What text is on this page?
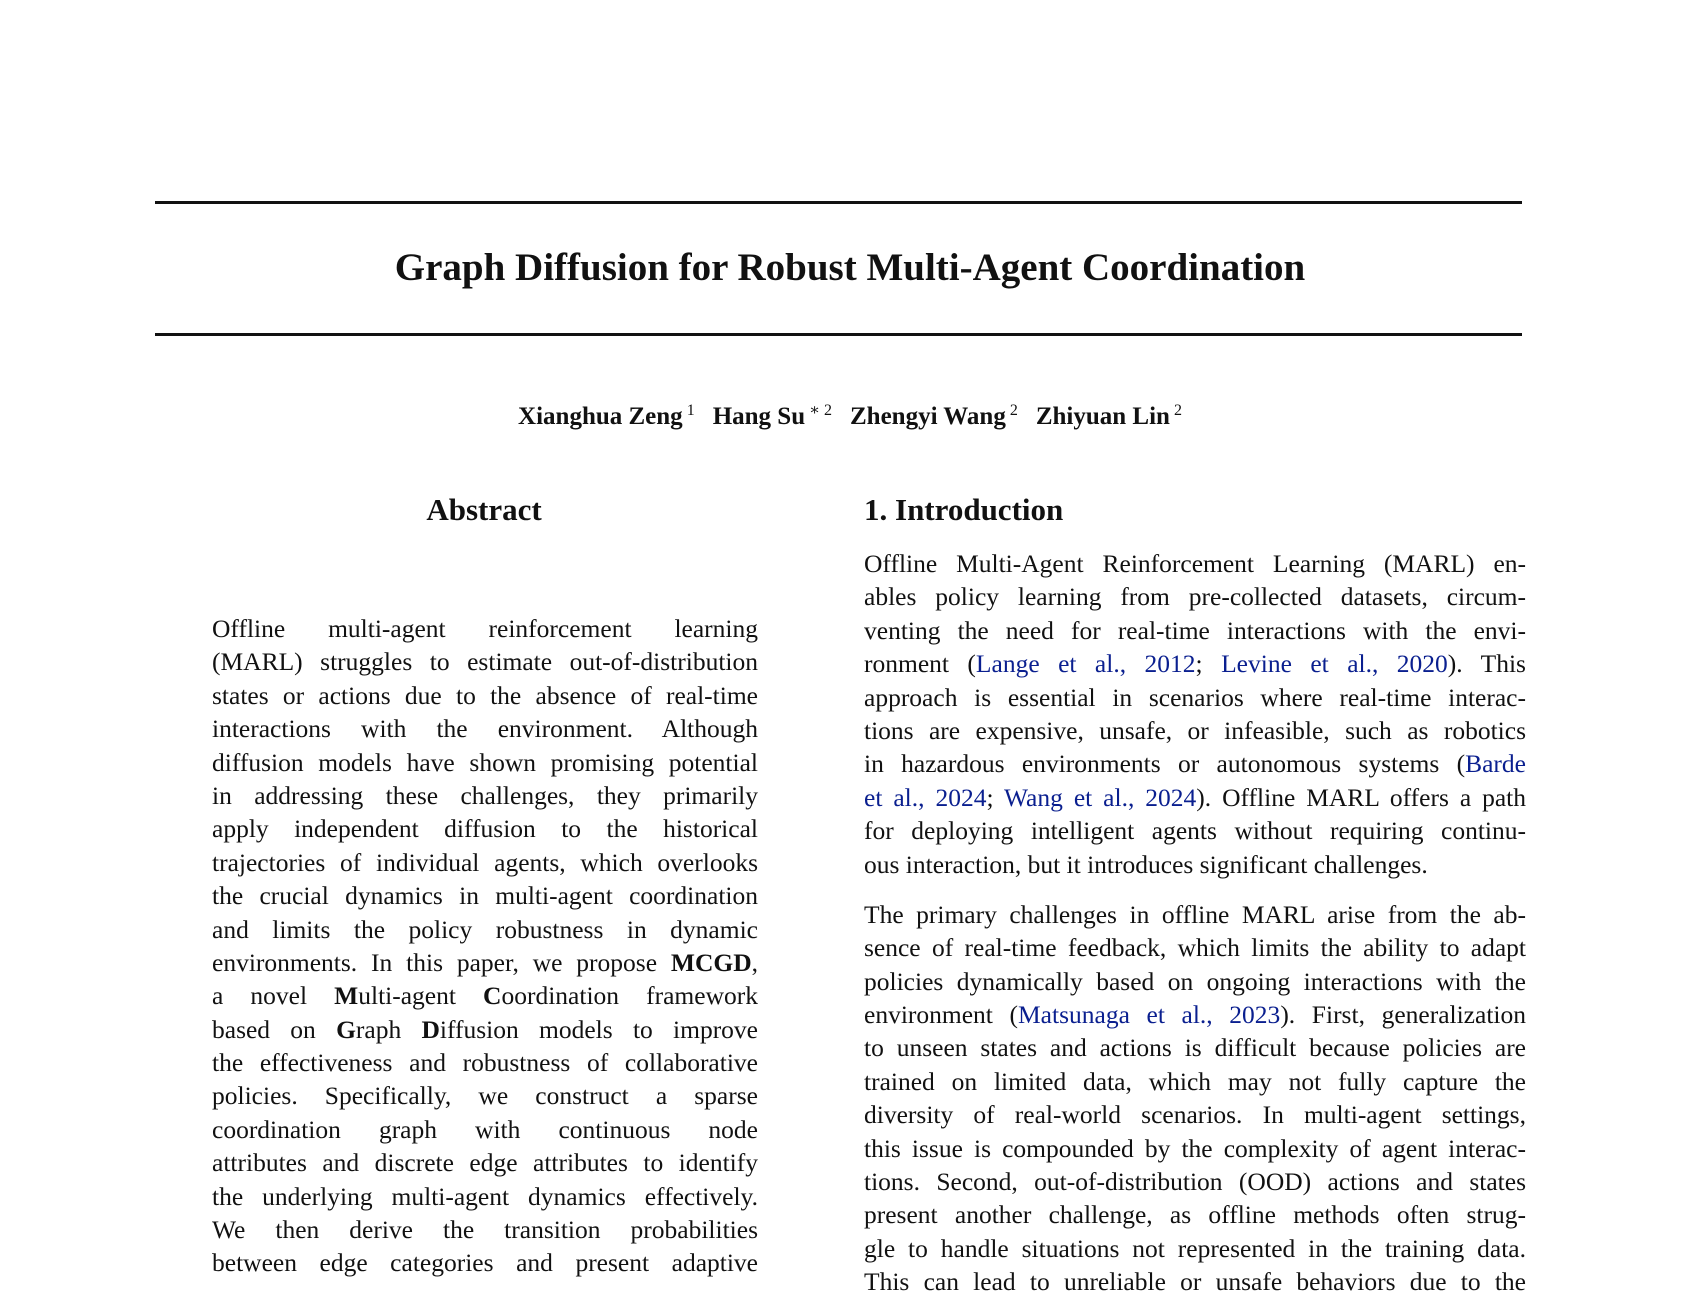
Graph Diffusion for Robust Multi-Agent Coordination
Xianghua Zeng $^1$ Hang Su $^{∗ 2}$ Zhengyi Wang $^2$ Zhiyuan Lin $^2$
Abstract
Offline multi-agent reinforcement learning
(MARL) struggles to estimate out-of-distribution
states or actions due to the absence of real-time
interactions with the environment. Although
diffusion models have shown promising potential
in addressing these challenges, they primarily
apply independent diffusion to the historical
trajectories of individual agents, which overlooks
the crucial dynamics in multi-agent coordination
and limits the policy robustness in dynamic
environments. In this paper, we propose MCGD,
a novel Multi-agent Coordination framework
based on Graph Diffusion models to improve
the effectiveness and robustness of collaborative
policies. Specifically, we construct a sparse
coordination graph with continuous node
attributes and discrete edge attributes to identify
the underlying multi-agent dynamics effectively.
We then derive the transition probabilities
between edge categories and present adaptive
1. Introduction
Offline Multi-Agent Reinforcement Learning (MARL) en-
ables policy learning from pre-collected datasets, circum-
venting the need for real-time interactions with the envi-
ronment (Lange et al., 2012; Levine et al., 2020). This
approach is essential in scenarios where real-time interac-
tions are expensive, unsafe, or infeasible, such as robotics
in hazardous environments or autonomous systems (Barde
et al., 2024; Wang et al., 2024). Offline MARL offers a path
for deploying intelligent agents without requiring continu-
ous interaction, but it introduces significant challenges.
The primary challenges in offline MARL arise from the ab-
sence of real-time feedback, which limits the ability to adapt
policies dynamically based on ongoing interactions with the
environment (Matsunaga et al., 2023). First, generalization
to unseen states and actions is difficult because policies are
trained on limited data, which may not fully capture the
diversity of real-world scenarios. In multi-agent settings,
this issue is compounded by the complexity of agent interac-
tions. Second, out-of-distribution (OOD) actions and states
present another challenge, as offline methods often strug-
gle to handle situations not represented in the training data.
This can lead to unreliable or unsafe behaviors due to the
